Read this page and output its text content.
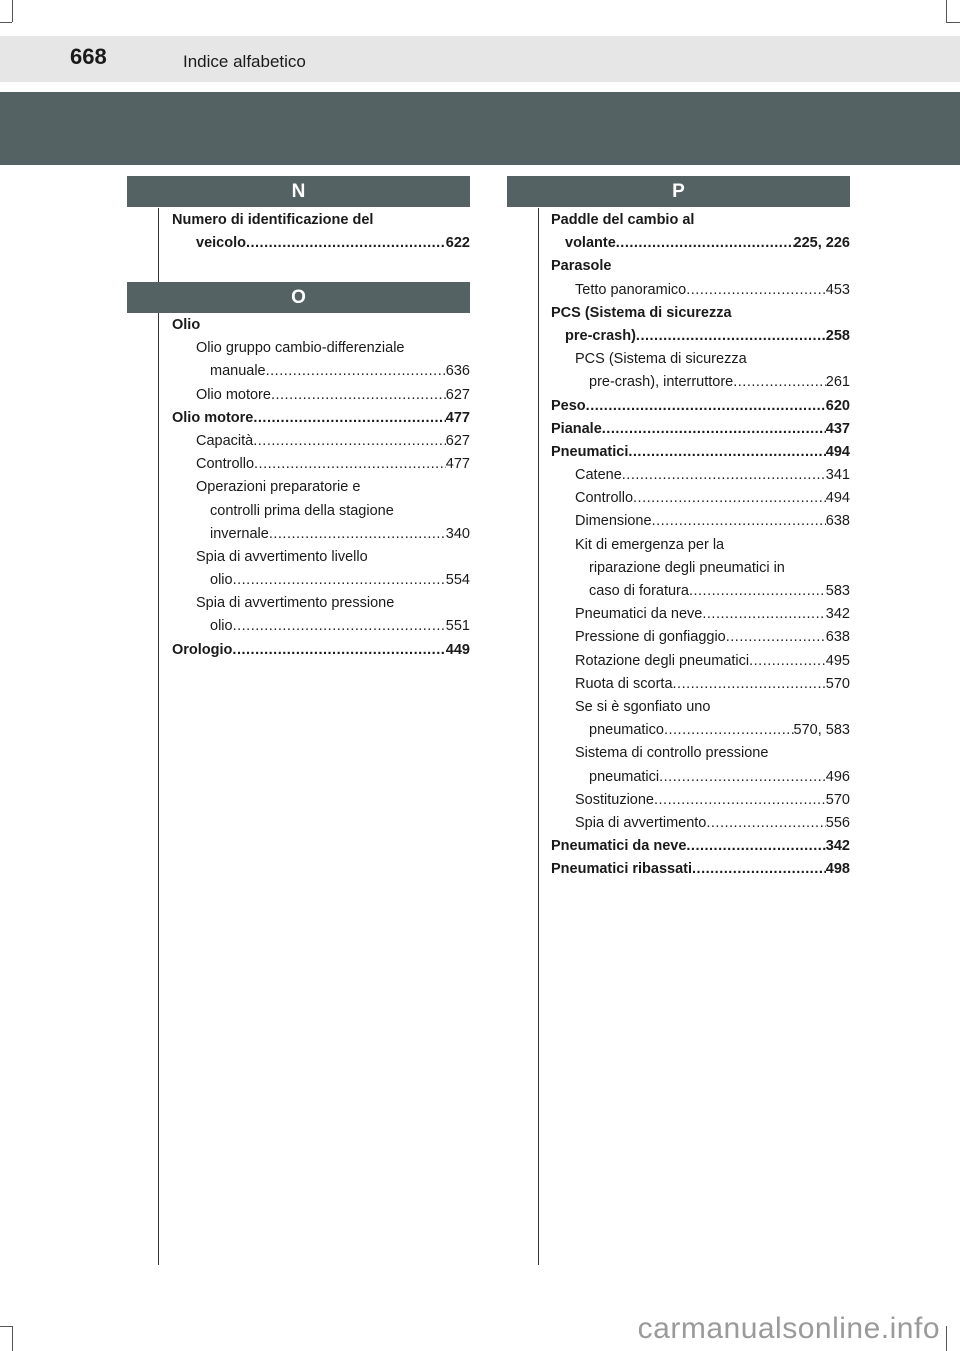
668	Indice alfabetico
N
Numero di identificazione del
veicolo .....	622
O
Olio
Olio gruppo cambio-differenziale
manuale .....	636
Olio motore .....	627
Olio motore .....	477
Capacità .....	627
Controllo .....	477
Operazioni preparatorie e
controlli prima della stagione
invernale .....	340
Spia di avvertimento livello
olio .....	554
Spia di avvertimento pressione
olio .....	551
Orologio .....	449
P
Paddle del cambio al
volante .....	225, 226
Parasole
Tetto panoramico .....	453
PCS (Sistema di sicurezza
pre-crash) .....	258
PCS (Sistema di sicurezza
pre-crash), interruttore .....	261
Peso .....	620
Pianale .....	437
Pneumatici .....	494
Catene .....	341
Controllo .....	494
Dimensione .....	638
Kit di emergenza per la
riparazione degli pneumatici in
caso di foratura .....	583
Pneumatici da neve .....	342
Pressione di gonfiaggio .....	638
Rotazione degli pneumatici .....	495
Ruota di scorta .....	570
Se si è sgonfiato uno
pneumatico .....	570, 583
Sistema di controllo pressione
pneumatici .....	496
Sostituzione .....	570
Spia di avvertimento .....	556
Pneumatici da neve .....	342
Pneumatici ribassati .....	498
carmanualsonline.info
